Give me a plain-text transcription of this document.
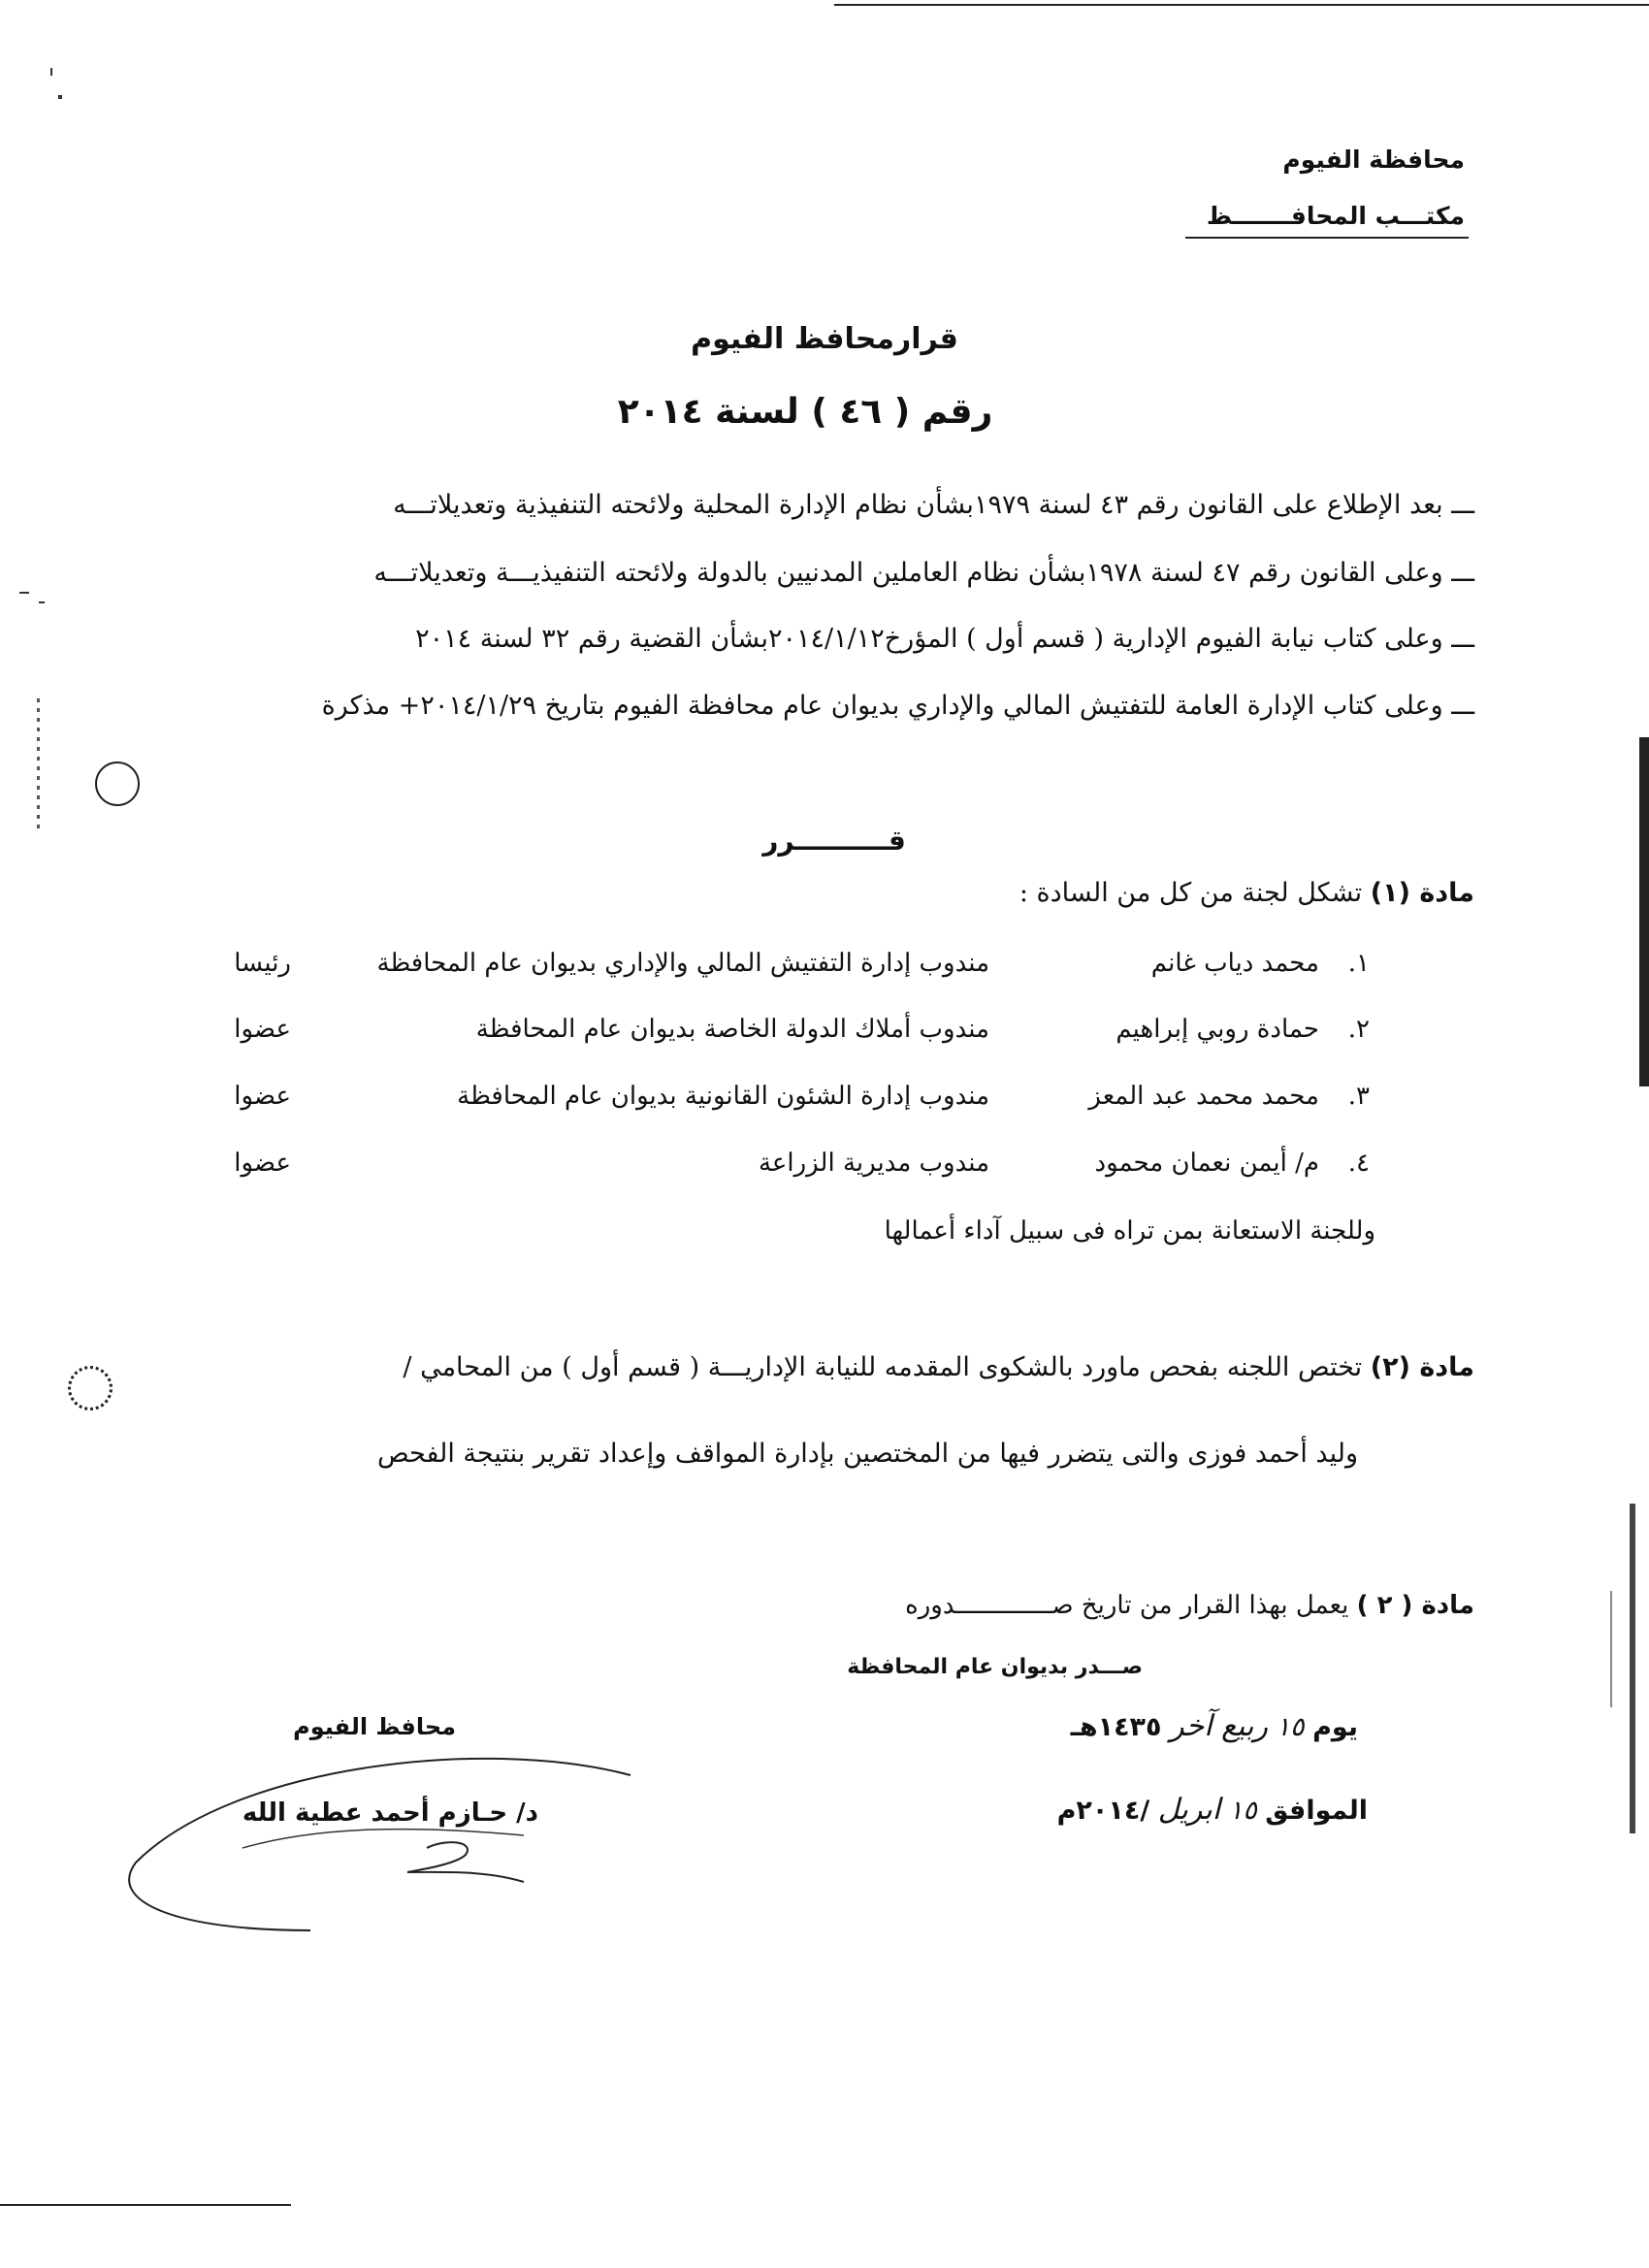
محافظة الفيوم
مكتـــب المحافـــــــظ
قرارمحافظ الفيوم
رقم ( ٤٦ ) لسنة ٢٠١٤
ـــ بعد الإطلاع على القانون رقم ٤٣ لسنة ١٩٧٩بشأن نظام الإدارة المحلية ولائحته التنفيذية وتعديلاتـــه
ـــ وعلى القانون رقم ٤٧ لسنة ١٩٧٨بشأن نظام العاملين المدنيين بالدولة ولائحته التنفيذيـــة وتعديلاتـــه
ـــ وعلى كتاب نيابة الفيوم الإدارية ( قسم أول ) المؤرخ٢٠١٤/١/١٢بشأن القضية رقم ٣٢ لسنة ٢٠١٤
ـــ وعلى كتاب الإدارة العامة للتفتيش المالي والإداري بديوان عام محافظة الفيوم بتاريخ ٢٠١٤/١/٢٩+ مذكرة
قــــــــــرر
مادة (١) تشكل لجنة من كل من السادة :
١.
محمد دياب غانم
مندوب إدارة التفتيش المالي والإداري بديوان عام المحافظة
رئيسا
٢.
حمادة روبي إبراهيم
مندوب أملاك الدولة الخاصة بديوان عام المحافظة
عضوا
٣.
محمد محمد عبد المعز
مندوب إدارة الشئون القانونية بديوان عام المحافظة
عضوا
٤.
م/ أيمن نعمان محمود
مندوب مديرية الزراعة
عضوا
وللجنة الاستعانة بمن تراه فى سبيل آداء أعمالها
مادة (٢) تختص اللجنه بفحص ماورد بالشكوى المقدمه للنيابة الإداريـــة ( قسم أول ) من المحامي /
وليد أحمد فوزى والتى يتضرر فيها من المختصين بإدارة المواقف وإعداد تقرير بنتيجة الفحص
مادة ( ٢ ) يعمل بهذا القرار من تاريخ صـــــــــــــدوره
صـــدر بديوان عام المحافظة
يوم ١٥ ربيع آخر ١٤٣٥هـ
الموافق ١٥ ابريل /٢٠١٤م
محافظ الفيوم
د/ حـازم أحمد عطية الله
